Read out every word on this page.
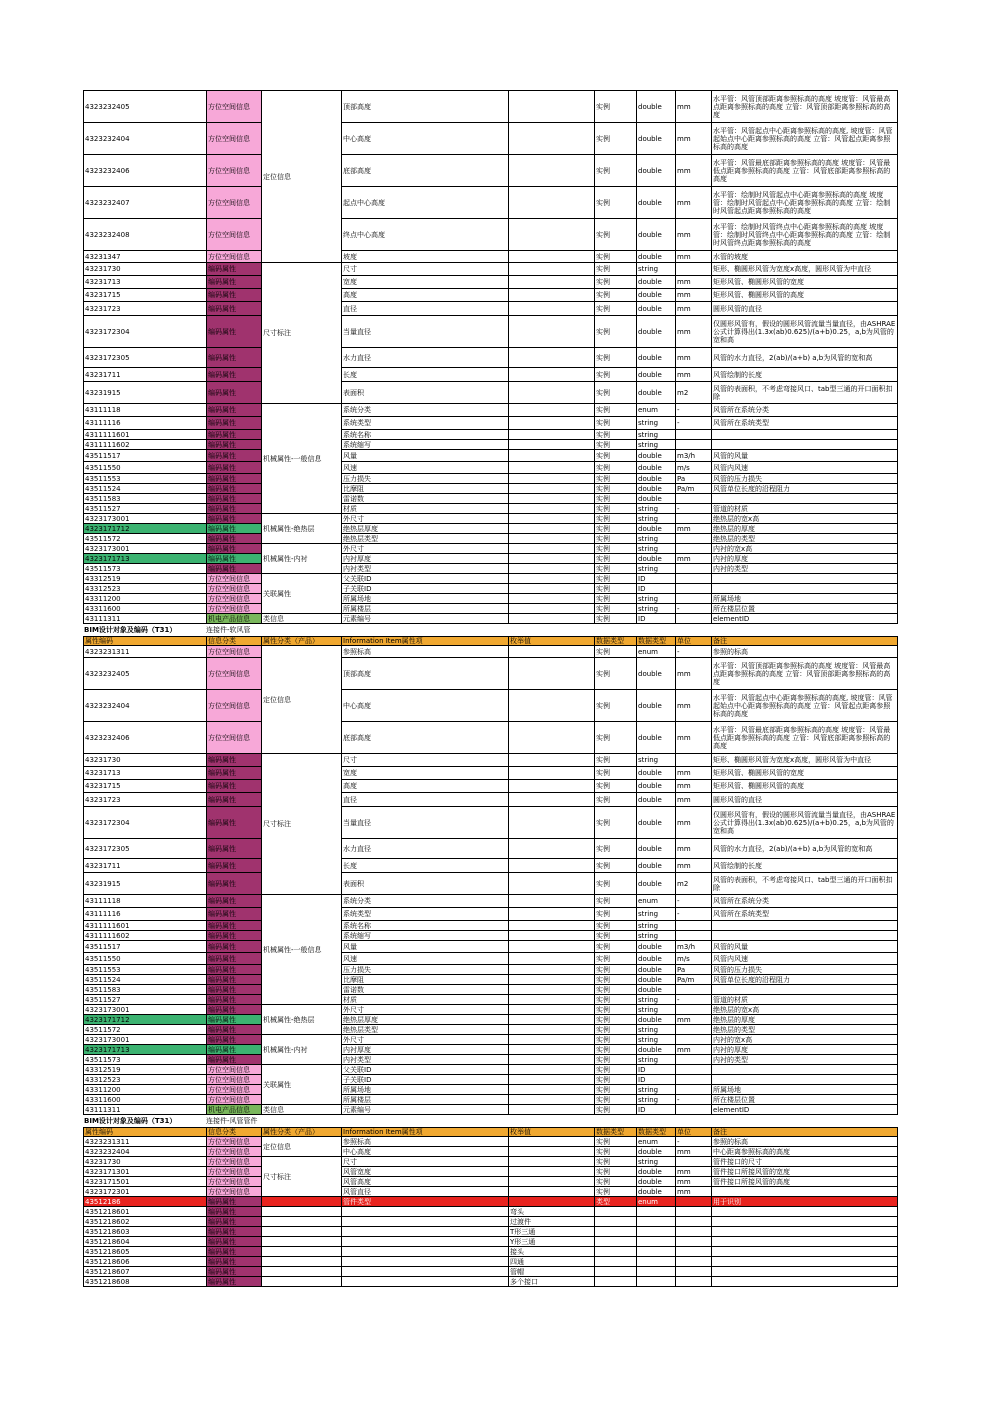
4323232405	方位空间信息	定位信息	顶部高度		实例	double	mm	水平管：风管顶部距离参照标高的高度 坡度管：风管最高点距离参照标高的高度 立管：风管顶部距离参照标高的高度
4323232404	方位空间信息		中心高度		实例	double	mm	水平管：风管起点中心距离参照标高的高度, 坡度管：风管起始点中心距离参照标高的高度 立管：风管起点距离参照标高的高度
4323232406	方位空间信息		底部高度		实例	double	mm	水平管：风管最底部距离参照标高的高度 坡度管：风管最低点距离参照标高的高度 立管：风管底部距离参照标高的高度
4323232407	方位空间信息		起点中心高度		实例	double	mm	水平管：绘制时风管起点中心距离参照标高的高度 坡度管：绘制时风管起点中心距离参照标高的高度 立管：绘制时风管起点距离参照标高的高度
4323232408	方位空间信息		终点中心高度		实例	double	mm	水平管：绘制时风管终点中心距离参照标高的高度 坡度管：绘制时风管终点中心距离参照标高的高度 立管：绘制时风管终点距离参照标高的高度
43231347	方位空间信息		坡度		实例	double	mm	水管的坡度
43231730	编码属性	尺寸标注	尺寸		实例	string		矩形、椭圆形风管为宽度x高度，圆形风管为中直径
43231713	编码属性		宽度		实例	double	mm	矩形风管、椭圆形风管的宽度
43231715	编码属性		高度		实例	double	mm	矩形风管、椭圆形风管的高度
43231723	编码属性		直径		实例	double	mm	圆形风管的直径
4323172304	编码属性		当量直径		实例	double	mm	仅圆形风管有，假设的圆形风管流量当量直径，由ASHRAE公式计算得出(1.3x(ab)0.625)/(a+b)0.25，a,b为风管的宽和高
4323172305	编码属性		水力直径		实例	double	mm	风管的水力直径，2(ab)/(a+b) a,b为风管的宽和高
43231711	编码属性		长度		实例	double	mm	风管绘制的长度
43231915	编码属性		表面积		实例	double	m2	风管的表面积，不考虑弯接风口、tab型三通的开口面积扣除
43111118	编码属性	机械属性-一般信息	系统分类		实例	enum	-	风管所在系统分类
43111116	编码属性		系统类型		实例	string	-	风管所在系统类型
4311111601	编码属性		系统名称		实例	string		
4311111602	编码属性		系统缩写		实例	string		
43511517	编码属性		风量		实例	double	m3/h	风管的风量
43511550	编码属性		风速		实例	double	m/s	风管内风速
43511553	编码属性		压力损失		实例	double	Pa	风管的压力损失
43511524	编码属性		比摩阻		实例	double	Pa/m	风管单位长度的沿程阻力
43511583	编码属性		雷诺数		实例	double		
43511527	编码属性		材质		实例	string	-	管道的材质
4323173001	编码属性	机械属性-绝热层	外尺寸		实例	string		绝热层的宽x高
4323171712	编码属性		绝热层厚度		实例	double	mm	绝热层的厚度
43511572	编码属性		绝热层类型		实例	string		绝热层的类型
4323173001	编码属性	机械属性-内衬	外尺寸		实例	string		内衬的宽x高
4323171713	编码属性		内衬厚度		实例	double	mm	内衬的厚度
43511573	编码属性		内衬类型		实例	string		内衬的类型
43312519	方位空间信息	关联属性	父关联ID		实例	ID		
43312523	方位空间信息		子关联ID		实例	ID		
43311200	方位空间信息		所属场地		实例	string		所属场地
43311600	方位空间信息		所属楼层		实例	string	-	所在楼层位置
43111311	机电产品信息	类信息	元素编号		实例	ID		elementID
BIM设计对象及编码（T31）	连接件-软风管
属性编码	信息分类	属性分类（产品）	Information Item属性项	枚举值	数据类型	数据类型	单位	备注
4323231311	方位空间信息	定位信息	参照标高		实例	enum	-	参照的标高
4323232405	方位空间信息		顶部高度		实例	double	mm	水平管：风管顶部距离参照标高的高度 坡度管：风管最高点距离参照标高的高度 立管：风管顶部距离参照标高的高度
4323232404	方位空间信息		中心高度		实例	double	mm	水平管：风管起点中心距离参照标高的高度, 坡度管：风管起始点中心距离参照标高的高度 立管：风管起点距离参照标高的高度
4323232406	方位空间信息		底部高度		实例	double	mm	水平管：风管最底部距离参照标高的高度 坡度管：风管最低点距离参照标高的高度 立管：风管底部距离参照标高的高度
43231730	编码属性	尺寸标注	尺寸		实例	string		矩形、椭圆形风管为宽度x高度，圆形风管为中直径
43231713	编码属性		宽度		实例	double	mm	矩形风管、椭圆形风管的宽度
43231715	编码属性		高度		实例	double	mm	矩形风管、椭圆形风管的高度
43231723	编码属性		直径		实例	double	mm	圆形风管的直径
4323172304	编码属性		当量直径		实例	double	mm	仅圆形风管有，假设的圆形风管流量当量直径，由ASHRAE公式计算得出(1.3x(ab)0.625)/(a+b)0.25，a,b为风管的宽和高
4323172305	编码属性		水力直径		实例	double	mm	风管的水力直径，2(ab)/(a+b) a,b为风管的宽和高
43231711	编码属性		长度		实例	double	mm	风管绘制的长度
43231915	编码属性		表面积		实例	double	m2	风管的表面积，不考虑弯接风口、tab型三通的开口面积扣除
43111118	编码属性	机械属性-一般信息	系统分类		实例	enum	-	风管所在系统分类
43111116	编码属性		系统类型		实例	string	-	风管所在系统类型
4311111601	编码属性		系统名称		实例	string		
4311111602	编码属性		系统缩写		实例	string		
43511517	编码属性		风量		实例	double	m3/h	风管的风量
43511550	编码属性		风速		实例	double	m/s	风管内风速
43511553	编码属性		压力损失		实例	double	Pa	风管的压力损失
43511524	编码属性		比摩阻		实例	double	Pa/m	风管单位长度的沿程阻力
43511583	编码属性		雷诺数		实例	double		
43511527	编码属性		材质		实例	string	-	管道的材质
4323173001	编码属性	机械属性-绝热层	外尺寸		实例	string		绝热层的宽x高
4323171712	编码属性		绝热层厚度		实例	double	mm	绝热层的厚度
43511572	编码属性		绝热层类型		实例	string		绝热层的类型
4323173001	编码属性	机械属性-内衬	外尺寸		实例	string		内衬的宽x高
4323171713	编码属性		内衬厚度		实例	double	mm	内衬的厚度
43511573	编码属性		内衬类型		实例	string		内衬的类型
43312519	方位空间信息	关联属性	父关联ID		实例	ID		
43312523	方位空间信息		子关联ID		实例	ID		
43311200	方位空间信息		所属场地		实例	string		所属场地
43311600	方位空间信息		所属楼层		实例	string	-	所在楼层位置
43111311	机电产品信息	类信息	元素编号		实例	ID		elementID
BIM设计对象及编码（T31）	连接件-风管管件
属性编码	信息分类	属性分类（产品）	Information Item属性项	枚举值	数据类型	数据类型	单位	备注
4323231311	方位空间信息	定位信息	参照标高		实例	enum	-	参照的标高
4323232404	方位空间信息		中心高度		实例	double	mm	中心距离参照标高的高度
43231730	方位空间信息	尺寸标注	尺寸		实例	string		管件接口的尺寸
4323171301	方位空间信息		风管宽度		实例	double	mm	管件接口所接风管的宽度
4323171501	方位空间信息		风管高度		实例	double	mm	管件接口所接风管的高度
4323172301	方位空间信息		风管直径		实例	double	mm	
43512186	编码属性		管件类型		类型	enum		用于识别
4351218601	编码属性			弯头				
4351218602	编码属性			过渡件				
4351218603	编码属性			T形三通				
4351218604	编码属性			Y形三通				
4351218605	编码属性			接头				
4351218606	编码属性			四通				
4351218607	编码属性			管帽				
4351218608	编码属性			多个接口				
